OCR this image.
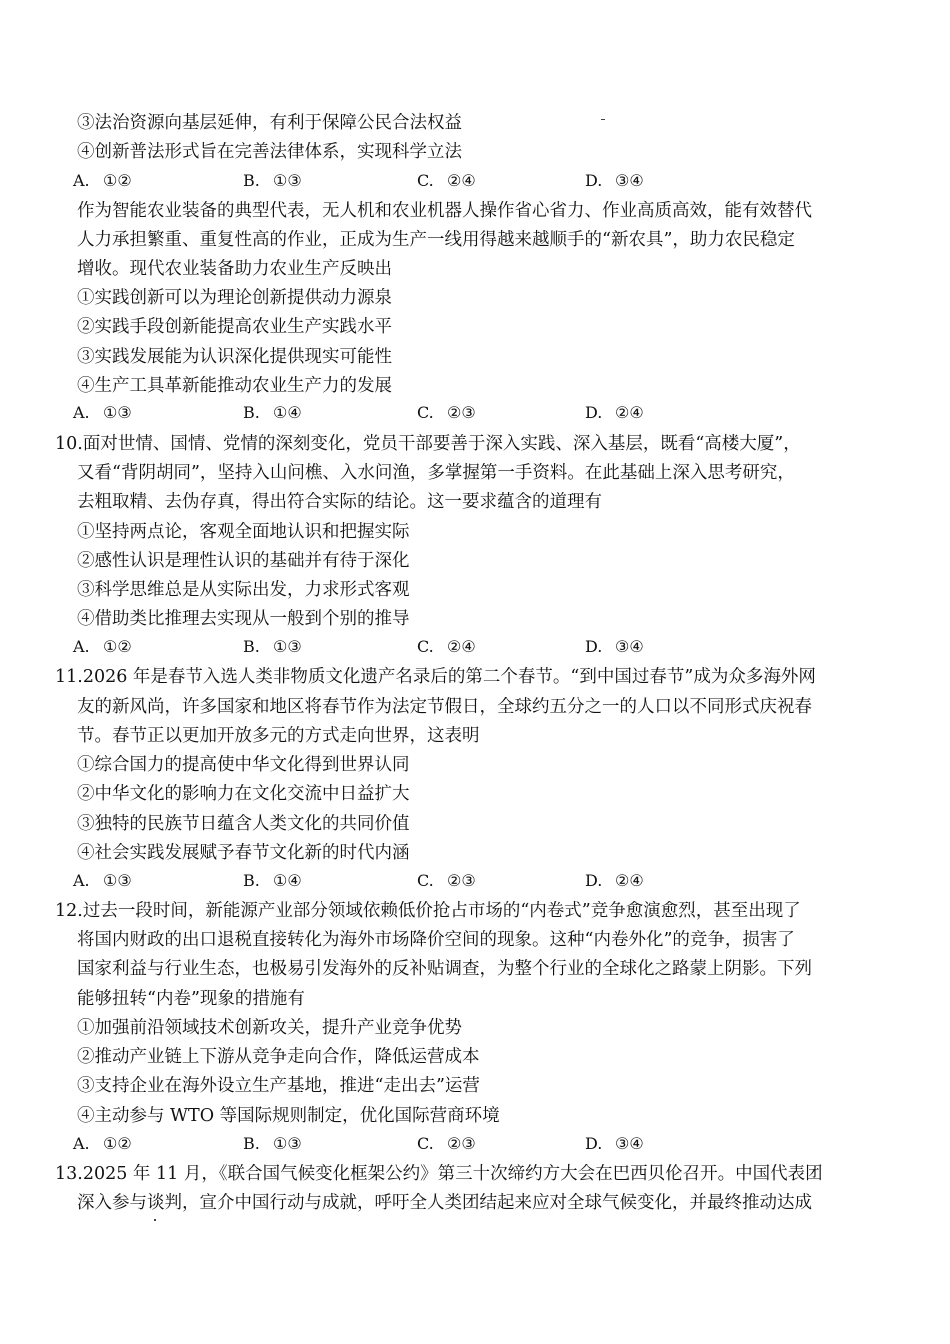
③法治资源向基层延伸，有利于保障公民合法权益
④创新普法形式旨在完善法律体系，实现科学立法
A. ①②	B. ①③	C. ②④	D. ③④
作为智能农业装备的典型代表，无人机和农业机器人操作省心省力、作业高质高效，能有效替代
人力承担繁重、重复性高的作业，正成为生产一线用得越来越顺手的“新农具”，助力农民稳定
增收。现代农业装备助力农业生产反映出
①实践创新可以为理论创新提供动力源泉
②实践手段创新能提高农业生产实践水平
③实践发展能为认识深化提供现实可能性
④生产工具革新能推动农业生产力的发展
A. ①③	B. ①④	C. ②③	D. ②④
10.面对世情、国情、党情的深刻变化，党员干部要善于深入实践、深入基层，既看“高楼大厦”，
又看“背阴胡同”，坚持入山问樵、入水问渔，多掌握第一手资料。在此基础上深入思考研究，
去粗取精、去伪存真，得出符合实际的结论。这一要求蕴含的道理有
①坚持两点论，客观全面地认识和把握实际
②感性认识是理性认识的基础并有待于深化
③科学思维总是从实际出发，力求形式客观
④借助类比推理去实现从一般到个别的推导
A. ①②	B. ①③	C. ②④	D. ③④
11.2026 年是春节入选人类非物质文化遗产名录后的第二个春节。“到中国过春节”成为众多海外网
友的新风尚，许多国家和地区将春节作为法定节假日，全球约五分之一的人口以不同形式庆祝春
节。春节正以更加开放多元的方式走向世界，这表明
①综合国力的提高使中华文化得到世界认同
②中华文化的影响力在文化交流中日益扩大
③独特的民族节日蕴含人类文化的共同价值
④社会实践发展赋予春节文化新的时代内涵
A. ①③	B. ①④	C. ②③	D. ②④
12.过去一段时间，新能源产业部分领域依赖低价抢占市场的“内卷式”竞争愈演愈烈，甚至出现了
将国内财政的出口退税直接转化为海外市场降价空间的现象。这种“内卷外化”的竞争，损害了
国家利益与行业生态，也极易引发海外的反补贴调查，为整个行业的全球化之路蒙上阴影。下列
能够扭转“内卷”现象的措施有
①加强前沿领域技术创新攻关，提升产业竞争优势
②推动产业链上下游从竞争走向合作，降低运营成本
③支持企业在海外设立生产基地，推进“走出去”运营
④主动参与 WTO 等国际规则制定，优化国际营商环境
A. ①②	B. ①③	C. ②③	D. ③④
13.2025 年 11 月，《联合国气候变化框架公约》第三十次缔约方大会在巴西贝伦召开。中国代表团
深入参与谈判，宣介中国行动与成就，呼吁全人类团结起来应对全球气候变化，并最终推动达成
